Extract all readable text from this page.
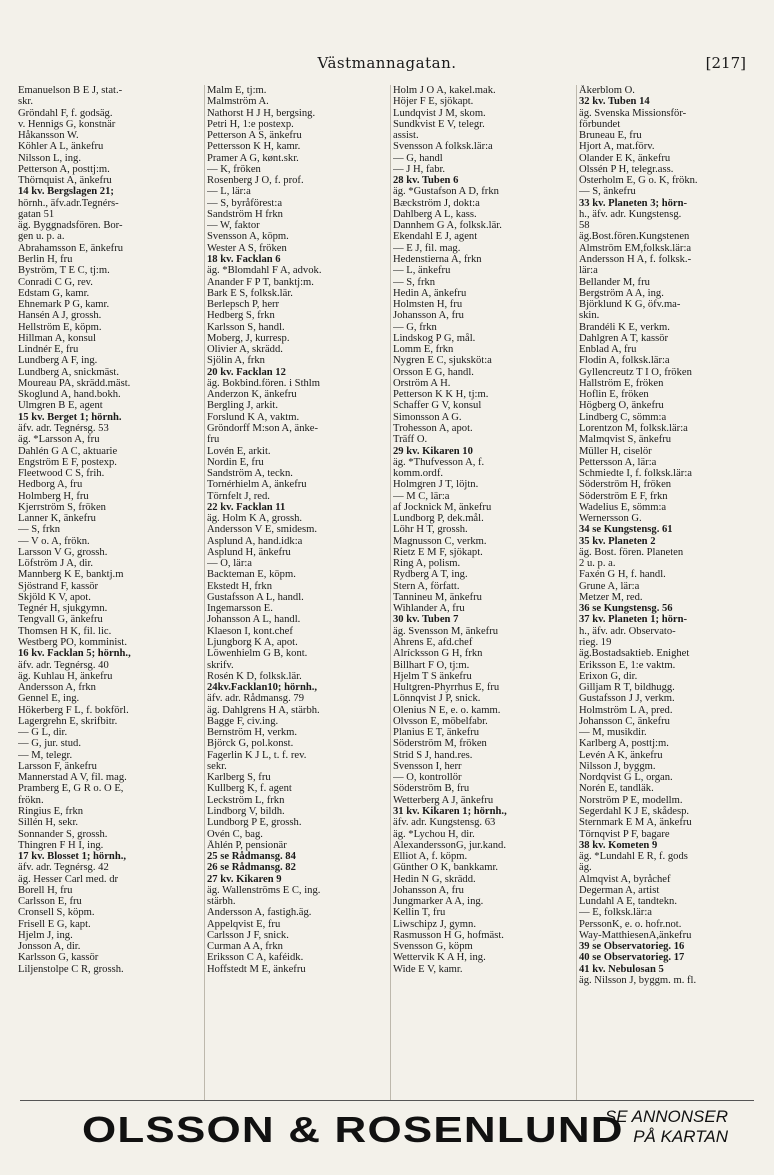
Västmannagatan.	[217]
Emanuelson B E J, stat.-
skr.
Gröndahl F, f. godsäg.
v. Hennigs G, konstnär
Håkansson W.
Köhler A L, änkefru
Nilsson L, ing.
Petterson A, posttj:m.
Thörnquist A, änkefru
14 kv. Bergslagen 21;
hörnh., äfv.adr.Tegnérs-
gatan 51
äg. Byggnadsfören. Bor-
gen u. p. a.
Abrahamsson E, änkefru
Berlin H, fru
Byström, T E C, tj:m.
Conradi C G, rev.
Edstam G, kamr.
Ehnemark P G, kamr.
Hansén A J, grossh.
Hellström E, köpm.
Hillman A, konsul
Lindnér E, fru
Lundberg A F, ing.
Lundberg A, snickmäst.
Moureau PA, skrädd.mäst.
Skoglund A, hand.bokh.
Ulmgren B E, agent
15 kv. Berget 1; hörnh.
äfv. adr. Tegnérsg. 53
äg. *Larsson A, fru
Dahlén G A C, aktuarie
Engström E F, postexp.
Fleetwood C S, frih.
Hedborg A, fru
Holmberg H, fru
Kjerrström S, fröken
Lanner K, änkefru
— S, frkn
— V o. A, frökn.
Larsson V G, grossh.
Löfström J A, dir.
Mannberg K E, banktj.m
Sjöstrand F, kassör
Skjöld K V, apot.
Tegnér H, sjukgymn.
Tengvall G, änkefru
Thomsen H K, fil. lic.
Westberg PO, komminist.
16 kv. Facklan 5; hörnh.,
äfv. adr. Tegnérsg. 40
äg. Kuhlau H, änkefru
Andersson A, frkn
Gennel E, ing.
Hökerberg F L, f. bokförl.
Lagergrehn E, skrifbitr.
— G L, dir.
— G, jur. stud.
— M, telegr.
Larsson F, änkefru
Mannerstad A V, fil. mag.
Pramberg E, G R o. O E,
frökn.
Ringius E, frkn
Sillén H, sekr.
Sonnander S, grossh.
Thingren F H I, ing.
17 kv. Blosset 1; hörnh.,
äfv. adr. Tegnérsg. 42
äg. Hesser Carl med. dr
Borell H, fru
Carlsson E, fru
Cronsell S, köpm.
Frisell E G, kapt.
Hjelm J, ing.
Jonsson A, dir.
Karlsson G, kassör
Liljenstolpe C R, grossh.
Malm E, tj:m.
Malmström A.
Nathorst H J H, bergsing.
Petri H, 1:e postexp.
Petterson A S, änkefru
Pettersson K H, kamr.
Pramer A G, kønt.skr.
— K, fröken
Rosenberg J O, f. prof.
— L, lär:a
— S, byråförest:a
Sandström H frkn
— W, faktor
Svensson A, köpm.
Wester A S, fröken
18 kv. Facklan 6
äg. *Blomdahl F A, advok.
Anander F P T, banktj:m.
Bark E S, folksk.lär.
Berlepsch P, herr
Hedberg S, frkn
Karlsson S, handl.
Moberg, J, kurresp.
Olivier A, skrädd.
Sjölin A, frkn
20 kv. Facklan 12
äg. Bokbind.fören. i Sthlm
Anderzon K, änkefru
Bergling J, arkit.
Forslund K A, vaktm.
Gröndorff M:son A, änke-
fru
Lovén E, arkit.
Nordin E, fru
Sandström A, teckn.
Tornérhielm A, änkefru
Törnfelt J, red.
22 kv. Facklan 11
äg. Holm K A, grossh.
Andersson V E, smidesm.
Asplund A, hand.idk:a
Asplund H, änkefru
— O, lär:a
Backteman E, köpm.
Ekstedt H, frkn
Gustafsson A L, handl.
Ingemarsson E.
Johansson A L, handl.
Klaeson I, kont.chef
Ljungborg K A, apot.
Löwenhielm G B, kont.
skrifv.
Rosén K D, folksk.lär.
24kv.Facklan10; hörnh.,
äfv. adr. Rådmansg. 79
äg. Dahlgrens H A, stärbh.
Bagge F, civ.ing.
Bernström H, verkm.
Björck G, pol.konst.
Fagerlin K J L, t. f. rev.
sekr.
Karlberg S, fru
Kullberg K, f. agent
Leckström L, frkn
Lindborg V, bildh.
Lundborg P E, grossh.
Ovén C, bag.
Åhlén P, pensionär
25 se Rådmansg. 84
26 se Rådmansg. 82
27 kv. Kikaren 9
äg. Wallenströms E C, ing.
stärbh.
Andersson A, fastigh.äg.
Appelqvist E, fru
Carlsson J F, snick.
Curman A A, frkn
Eriksson C A, kaféidk.
Hoffstedt M E, änkefru
Holm J O A, kakel.mak.
Höjer F E, sjökapt.
Lundqvist J M, skom.
Sundkvist E V, telegr.
assist.
Svensson A folksk.lär:a
— G, handl
— J H, fabr.
28 kv. Tuben 6
äg. *Gustafson A D, frkn
Bæckström J, dokt:a
Dahlberg A L, kass.
Dannhem G A, folksk.lär.
Ekendahl E J, agent
— E J, fil. mag.
Hedenstierna A, frkn
— L, änkefru
— S, frkn
Hedin A, änkefru
Holmsten H, fru
Johansson A, fru
— G, frkn
Lindskog P G, mål.
Lomm E, frkn
Nygren E C, sjuksköt:a
Orsson E G, handl.
Orström A H.
Petterson K K H, tj:m.
Schaffer G V, konsul
Simonsson A G.
Trohesson A, apot.
Träff O.
29 kv. Kikaren 10
äg. *Thufvesson A, f.
komm.ordf.
Holmgren J T, löjtn.
— M C, lär:a
af Jocknick M, änkefru
Lundborg P, dek.mål.
Löhr H T, grossh.
Magnusson C, verkm.
Rietz E M F, sjökapt.
Ring A, polism.
Rydberg A T, ing.
Stern A, författ.
Tannineu M, änkefru
Wihlander A, fru
30 kv. Tuben 7
äg. Svensson M, änkefru
Ahrens E, afd.chef
Alrícksson G H, frkn
Billhart F O, tj:m.
Hjelm T S änkefru
Hultgren-Phyrrhus E, fru
Lönnqvist J P, snick.
Olenius N E, e. o. kamm.
Olvsson E, möbelfabr.
Planius E T, änkefru
Söderström M, fröken
Strid S J, hand.res.
Svensson I, herr
— O, kontrollör
Söderström B, fru
Wetterberg A J, änkefru
31 kv. Kikaren 1; hörnh.,
äfv. adr. Kungstensg. 63
äg. *Lychou H, dir.
AlexanderssonG, jur.kand.
Elliot A, f. köpm.
Günther O K, bankkamr.
Hedin N G, skrädd.
Johansson A, fru
Jungmarker A A, ing.
Kellin T, fru
Liwschipz J, gymn.
Rasmusson H G, hofmäst.
Svensson G, köpm
Wettervik K A H, ing.
Wide E V, kamr.
Åkerblom O.
32 kv. Tuben 14
äg. Svenska Missionsför-
förbundet
Bruneau E, fru
Hjort A, mat.förv.
Olander E K, änkefru
Olssén P H, telegr.ass.
Österholm E, G o. K, frökn.
— S, änkefru
33 kv. Planeten 3; hörn-
h., äfv. adr. Kungstensg.
58
äg.Bost.fören.Kungstenen
Almström EM,folksk.lär:a
Andersson H A, f. folksk.-
lär:a
Bellander M, fru
Bergström A A, ing.
Björklund K G, öfv.ma-
skin.
Brandéli K E, verkm.
Dahlgren A T, kassör
Enblad A, fru
Flodin A, folksk.lär:a
Gyllencreutz T I O, fröken
Hallström E, fröken
Hoflin E, fröken
Högberg O, änkefru
Lindberg C, sömm:a
Lorentzon M, folksk.lär:a
Malmqvist S, änkefru
Müller H, ciselör
Pettersson A, lär:a
Schmiedte I, f. folksk.lär:a
Söderström H, fröken
Söderström E F, frkn
Wadelius E, sömm:a
Wernersson G.
34 se Kungstensg. 61
35 kv. Planeten 2
äg. Bost. fören. Planeten
2 u. p. a.
Faxén G H, f. handl.
Grune A, lär:a
Metzer M, red.
36 se Kungstensg. 56
37 kv. Planeten 1; hörn-
h., äfv. adr. Observato-
rieg. 19
äg.Bostadsaktieb. Enighet
Eriksson E, 1:e vaktm.
Erixon G, dir.
Gilljam R T, bildhugg.
Gustafsson J J, verkm.
Holmström L A, pred.
Johansson C, änkefru
— M, musikdir.
Karlberg A, posttj:m.
Levén A K, änkefru
Nilsson J, byggm.
Nordqvist G L, organ.
Norén E, tandläk.
Norström P E, modellm.
Segerdahl K J E, skådesp.
Sternmark E M A, änkefru
Törnqvist P F, bagare
38 kv. Kometen 9
äg. *Lundahl E R, f. gods
äg.
Almqvist A, byråchef
Degerman A, artist
Lundahl A E, tandtekn.
— E, folksk.lär:a
PerssonK, e. o. hofr.not.
Way-MatthiesenA,änkefru
39 se Observatorieg. 16
40 se Observatorieg. 17
41 kv. Nebulosan 5
äg. Nilsson J, byggm. m. fl.
OLSSON & ROSENLUND
SE ANNONSER
PÅ KARTAN
